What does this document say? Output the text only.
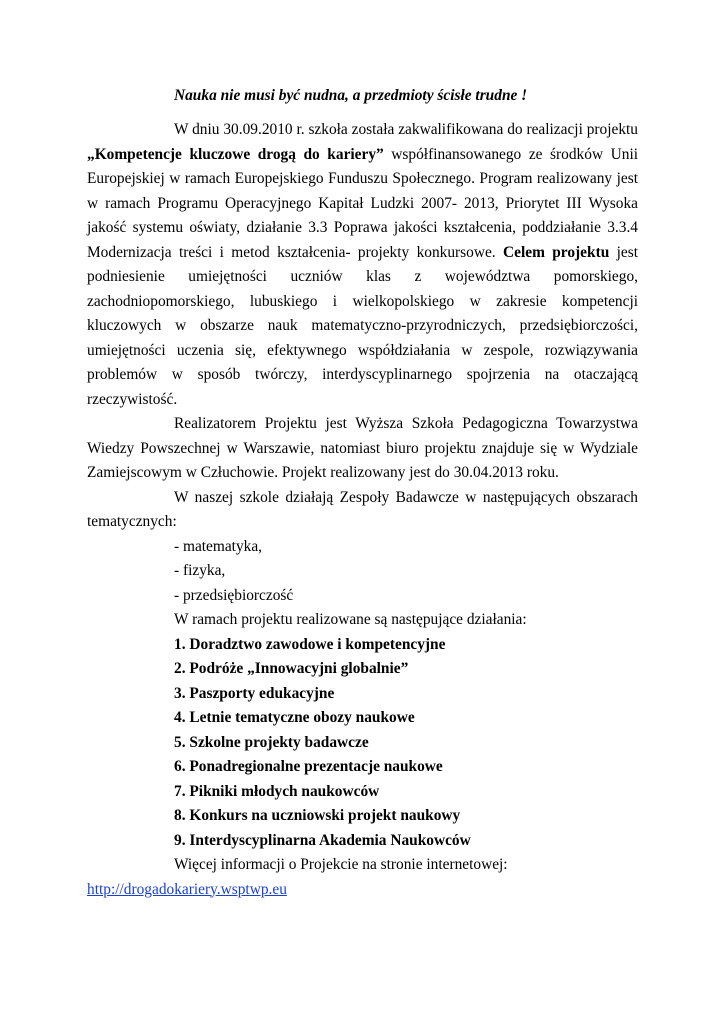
Nauka nie musi być nudna, a przedmioty ścisłe trudne !

W dniu 30.09.2010 r. szkoła została zakwalifikowana do realizacji projektu „Kompetencje kluczowe drogą do kariery” współfinansowanego ze środków Unii Europejskiej w ramach Europejskiego Funduszu Społecznego. Program realizowany jest w ramach Programu Operacyjnego Kapitał Ludzki 2007- 2013, Priorytet III Wysoka jakość systemu oświaty, działanie 3.3 Poprawa jakości kształcenia, poddziałanie 3.3.4 Modernizacja treści i metod kształcenia- projekty konkursowe. Celem projektu jest podniesienie umiejętności uczniów klas z województwa pomorskiego, zachodniopomorskiego, lubuskiego i wielkopolskiego w zakresie kompetencji kluczowych w obszarze nauk matematyczno-przyrodniczych, przedsiębiorczości, umiejętności uczenia się, efektywnego współdziałania w zespole, rozwiązywania problemów w sposób twórczy, interdyscyplinarnego spojrzenia na otaczającą rzeczywistość.

Realizatorem Projektu jest Wyższa Szkoła Pedagogiczna Towarzystwa Wiedzy Powszechnej w Warszawie, natomiast biuro projektu znajduje się w Wydziale Zamiejscowym w Człuchowie. Projekt realizowany jest do 30.04.2013 roku.

W naszej szkole działają Zespoły Badawcze w następujących obszarach tematycznych:

- matematyka,

- fizyka,

- przedsiębiorczość

W ramach projektu realizowane są następujące działania:

1. Doradztwo zawodowe i kompetencyjne

2. Podróże „Innowacyjni globalnie”

3. Paszporty edukacyjne

4. Letnie tematyczne obozy naukowe

5. Szkolne projekty badawcze

6. Ponadregionalne prezentacje naukowe

7. Pikniki młodych naukowców

8. Konkurs na uczniowski projekt naukowy

9. Interdyscyplinarna Akademia Naukowców

Więcej informacji o Projekcie na stronie internetowej:

http://drogadokariery.wsptwp.eu
